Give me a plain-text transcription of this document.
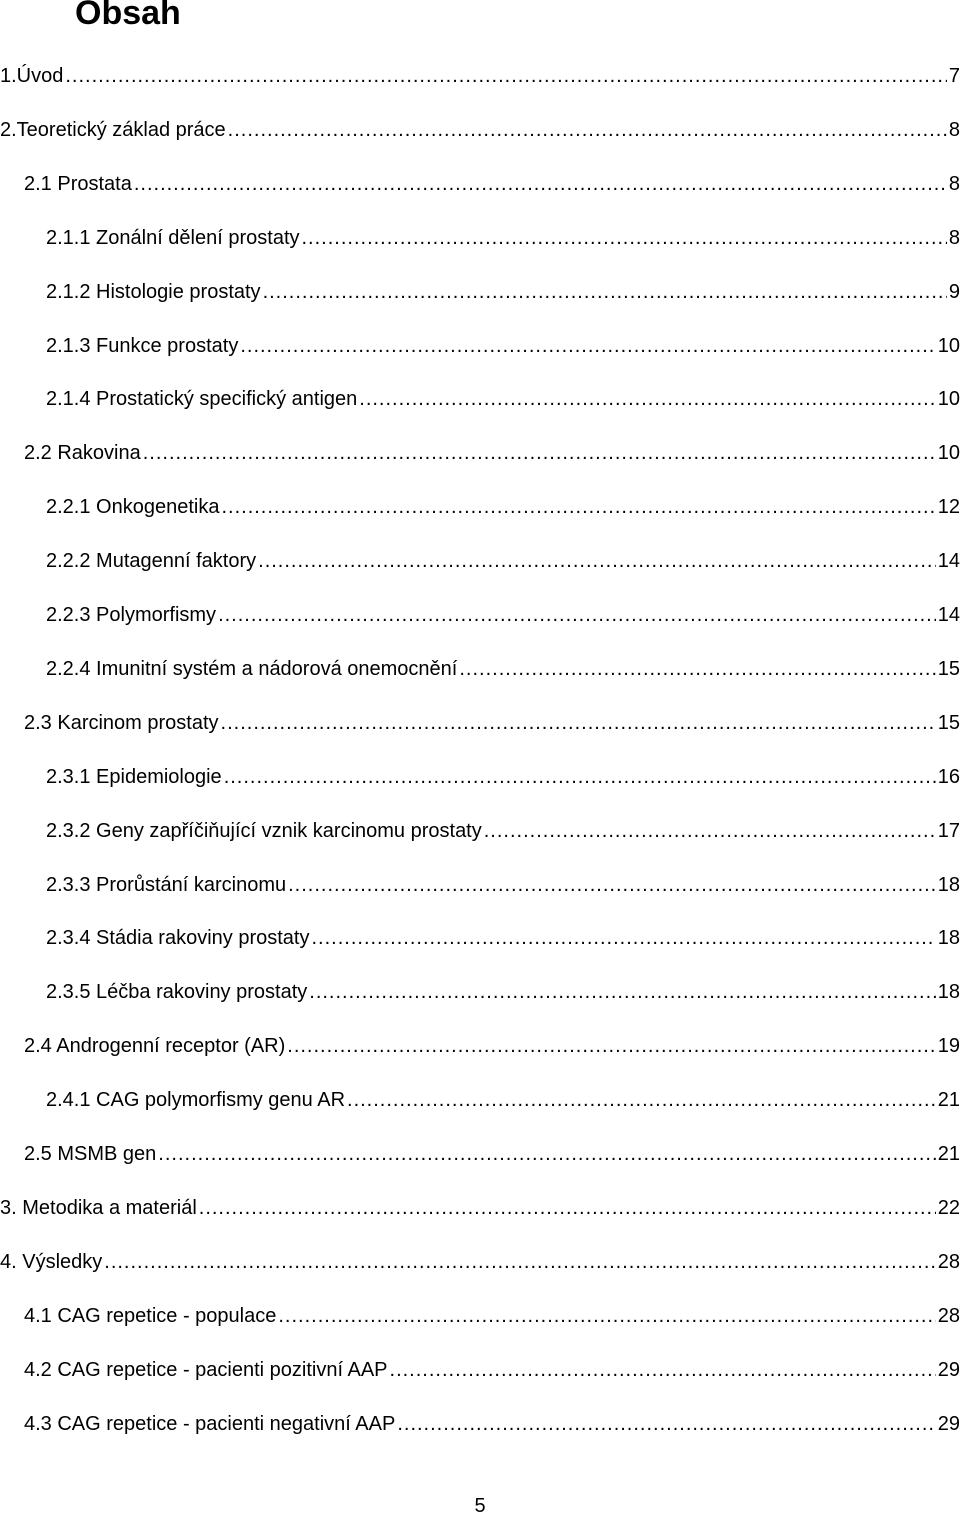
Obsah
1.Úvod .....	7
2.Teoretický základ práce .....	8
2.1 Prostata .....	8
2.1.1 Zonální dělení prostaty .....	8
2.1.2 Histologie prostaty .....	9
2.1.3 Funkce prostaty .....	10
2.1.4 Prostatický specifický antigen .....	10
2.2 Rakovina .....	10
2.2.1 Onkogenetika .....	12
2.2.2 Mutagenní faktory .....	14
2.2.3 Polymorfismy .....	14
2.2.4 Imunitní systém a nádorová onemocnění .....	15
2.3 Karcinom prostaty .....	15
2.3.1 Epidemiologie .....	16
2.3.2 Geny zapříčiňující vznik karcinomu prostaty .....	17
2.3.3 Prorůstání karcinomu .....	18
2.3.4 Stádia rakoviny prostaty .....	18
2.3.5 Léčba rakoviny prostaty .....	18
2.4 Androgenní receptor (AR) .....	19
2.4.1 CAG polymorfismy genu AR .....	21
2.5 MSMB gen .....	21
3. Metodika a materiál .....	22
4. Výsledky .....	28
4.1 CAG repetice - populace .....	28
4.2 CAG repetice - pacienti pozitivní AAP .....	29
4.3 CAG repetice - pacienti negativní AAP .....	29
5
